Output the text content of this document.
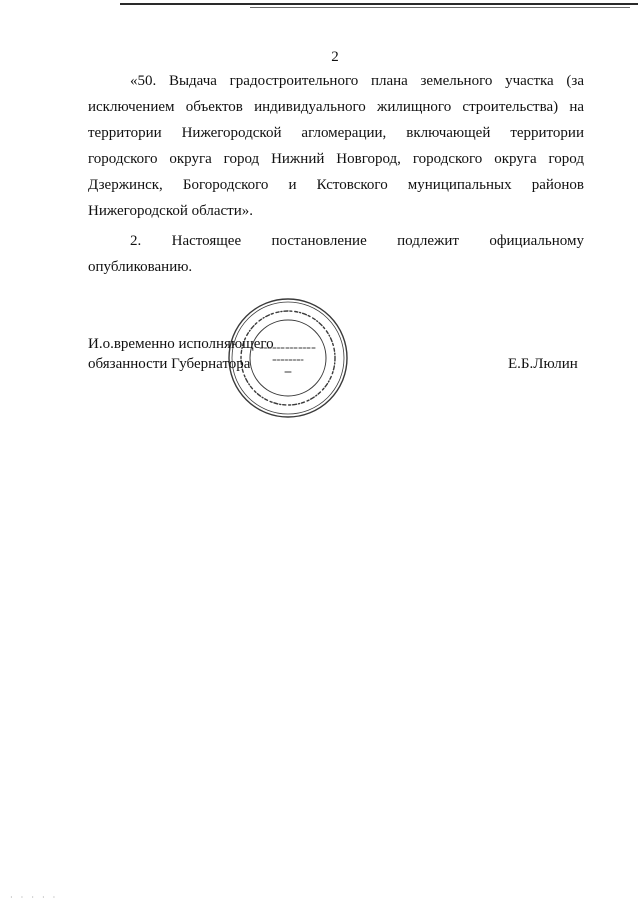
2
«50. Выдача градостроительного плана земельного участка (за
исключением объектов индивидуального жилищного строительства) на
территории Нижегородской агломерации, включающей территории
городского округа город Нижний Новгород, городского округа город
Дзержинск, Богородского и Кстовского муниципальных районов
Нижегородской области».
2. Настоящее постановление подлежит официальному
опубликованию.
И.о.временно исполняющего
обязанности Губернатора	Е.Б.Люлин
· · · · ·
